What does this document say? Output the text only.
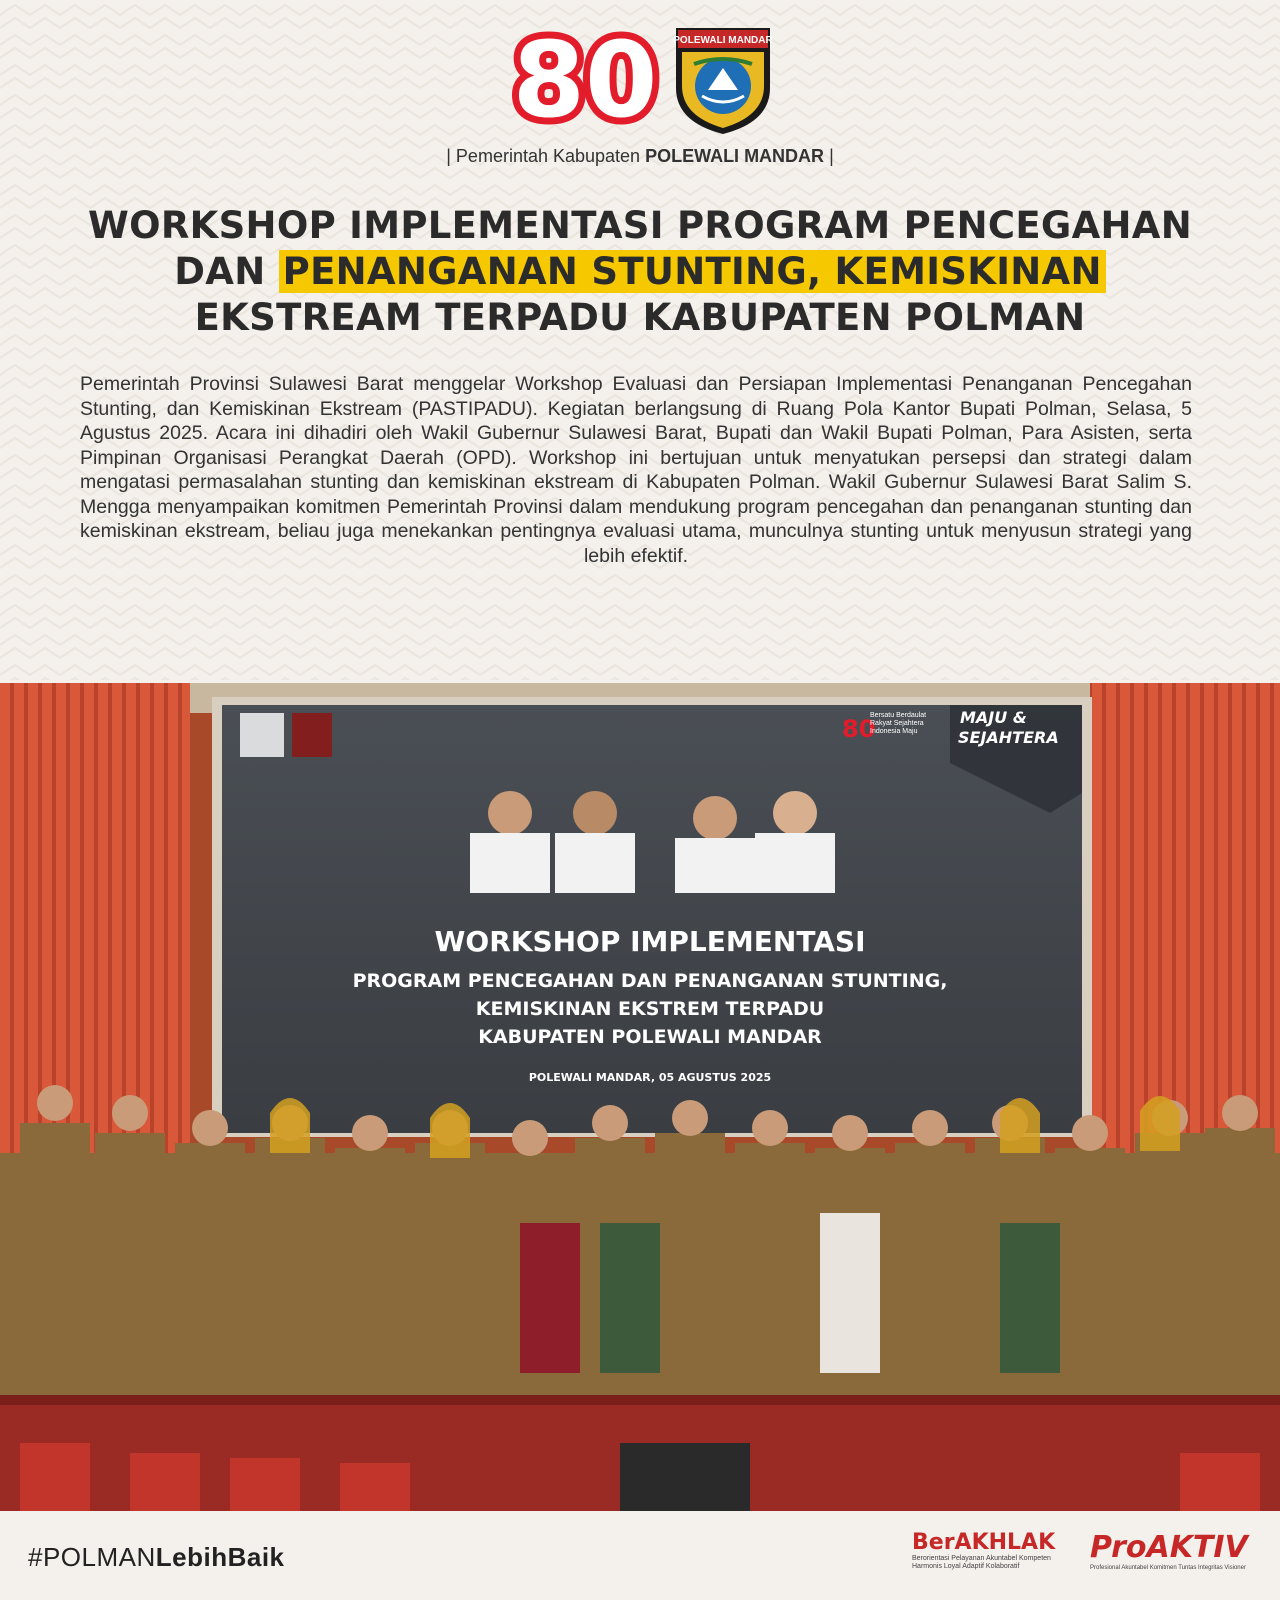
80 POLEWALI MANDAR
| Pemerintah Kabupaten POLEWALI MANDAR |
WORKSHOP IMPLEMENTASI PROGRAM PENCEGAHAN
DAN PENANGANAN STUNTING, KEMISKINAN
EKSTREAM TERPADU KABUPATEN POLMAN
Pemerintah Provinsi Sulawesi Barat menggelar Workshop Evaluasi dan Persiapan Implementasi Penanganan Pencegahan Stunting, dan Kemiskinan Ekstream (PASTIPADU). Kegiatan berlangsung di Ruang Pola Kantor Bupati Polman, Selasa, 5 Agustus 2025. Acara ini dihadiri oleh Wakil Gubernur Sulawesi Barat, Bupati dan Wakil Bupati Polman, Para Asisten, serta Pimpinan Organisasi Perangkat Daerah (OPD). Workshop ini bertujuan untuk menyatukan persepsi dan strategi dalam mengatasi permasalahan stunting dan kemiskinan ekstream di Kabupaten Polman. Wakil Gubernur Sulawesi Barat Salim S. Mengga menyampaikan komitmen Pemerintah Provinsi dalam mendukung program pencegahan dan penanganan stunting dan kemiskinan ekstream, beliau juga menekankan pentingnya evaluasi utama, munculnya stunting untuk menyusun strategi yang lebih efektif.
80
Bersatu Berdaulat
Rakyat Sejahtera
Indonesia Maju
MAJU &
SEJAHTERA
WORKSHOP IMPLEMENTASI
PROGRAM PENCEGAHAN DAN PENANGANAN STUNTING,
KEMISKINAN EKSTREM TERPADU
KABUPATEN POLEWALI MANDAR
POLEWALI MANDAR, 05 AGUSTUS 2025
#POLMANLebihBaik	BerAKHLAK
Berorientasi Pelayanan Akuntabel Kompeten
Harmonis Loyal Adaptif Kolaboratif
ProAKTIV
Profesional Akuntabel Komitmen Tuntas Integritas Visioner
